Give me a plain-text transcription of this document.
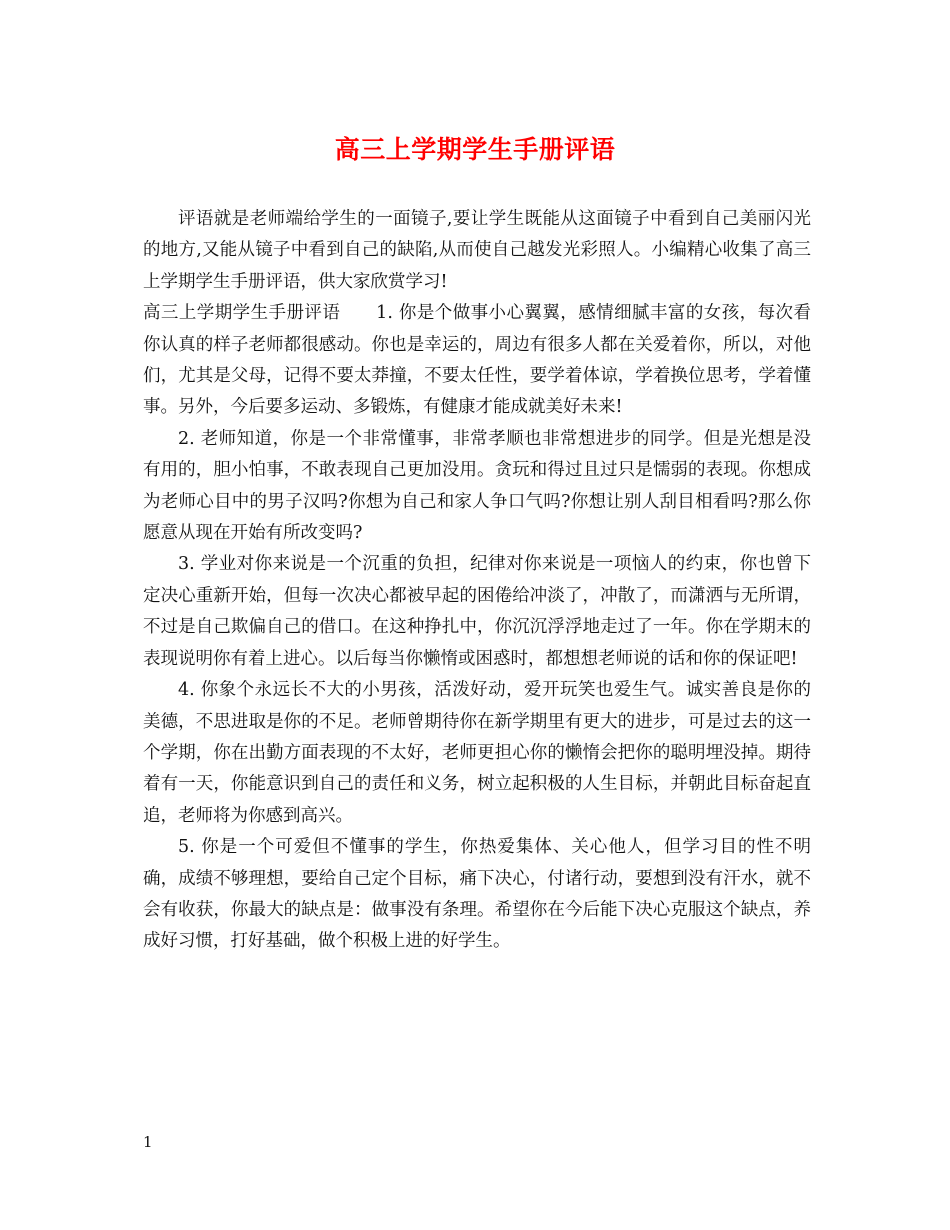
高三上学期学生手册评语

评语就是老师端给学生的一面镜子,要让学生既能从这面镜子中看到自己美丽闪光的地方,又能从镜子中看到自己的缺陷,从而使自己越发光彩照人。小编精心收集了高三上学期学生手册评语，供大家欣赏学习!

高三上学期学生手册评语　　1. 你是个做事小心翼翼，感情细腻丰富的女孩，每次看你认真的样子老师都很感动。你也是幸运的，周边有很多人都在关爱着你，所以，对他们，尤其是父母，记得不要太莽撞，不要太任性，要学着体谅，学着换位思考，学着懂事。另外，今后要多运动、多锻炼，有健康才能成就美好未来!

2. 老师知道，你是一个非常懂事，非常孝顺也非常想进步的同学。但是光想是没有用的，胆小怕事，不敢表现自己更加没用。贪玩和得过且过只是懦弱的表现。你想成为老师心目中的男子汉吗?你想为自己和家人争口气吗?你想让别人刮目相看吗?那么你愿意从现在开始有所改变吗?

3. 学业对你来说是一个沉重的负担，纪律对你来说是一项恼人的约束，你也曾下定决心重新开始，但每一次决心都被早起的困倦给冲淡了，冲散了，而潇洒与无所谓，不过是自己欺偏自己的借口。在这种挣扎中，你沉沉浮浮地走过了一年。你在学期末的表现说明你有着上进心。以后每当你懒惰或困惑时，都想想老师说的话和你的保证吧!

4. 你象个永远长不大的小男孩，活泼好动，爱开玩笑也爱生气。诚实善良是你的美德，不思进取是你的不足。老师曾期待你在新学期里有更大的进步，可是过去的这一个学期，你在出勤方面表现的不太好，老师更担心你的懒惰会把你的聪明埋没掉。期待着有一天，你能意识到自己的责任和义务，树立起积极的人生目标，并朝此目标奋起直追，老师将为你感到高兴。

5. 你是一个可爱但不懂事的学生，你热爱集体、关心他人，但学习目的性不明确，成绩不够理想，要给自己定个目标，痛下决心，付诸行动，要想到没有汗水，就不会有收获，你最大的缺点是：做事没有条理。希望你在今后能下决心克服这个缺点，养成好习惯，打好基础，做个积极上进的好学生。

1
